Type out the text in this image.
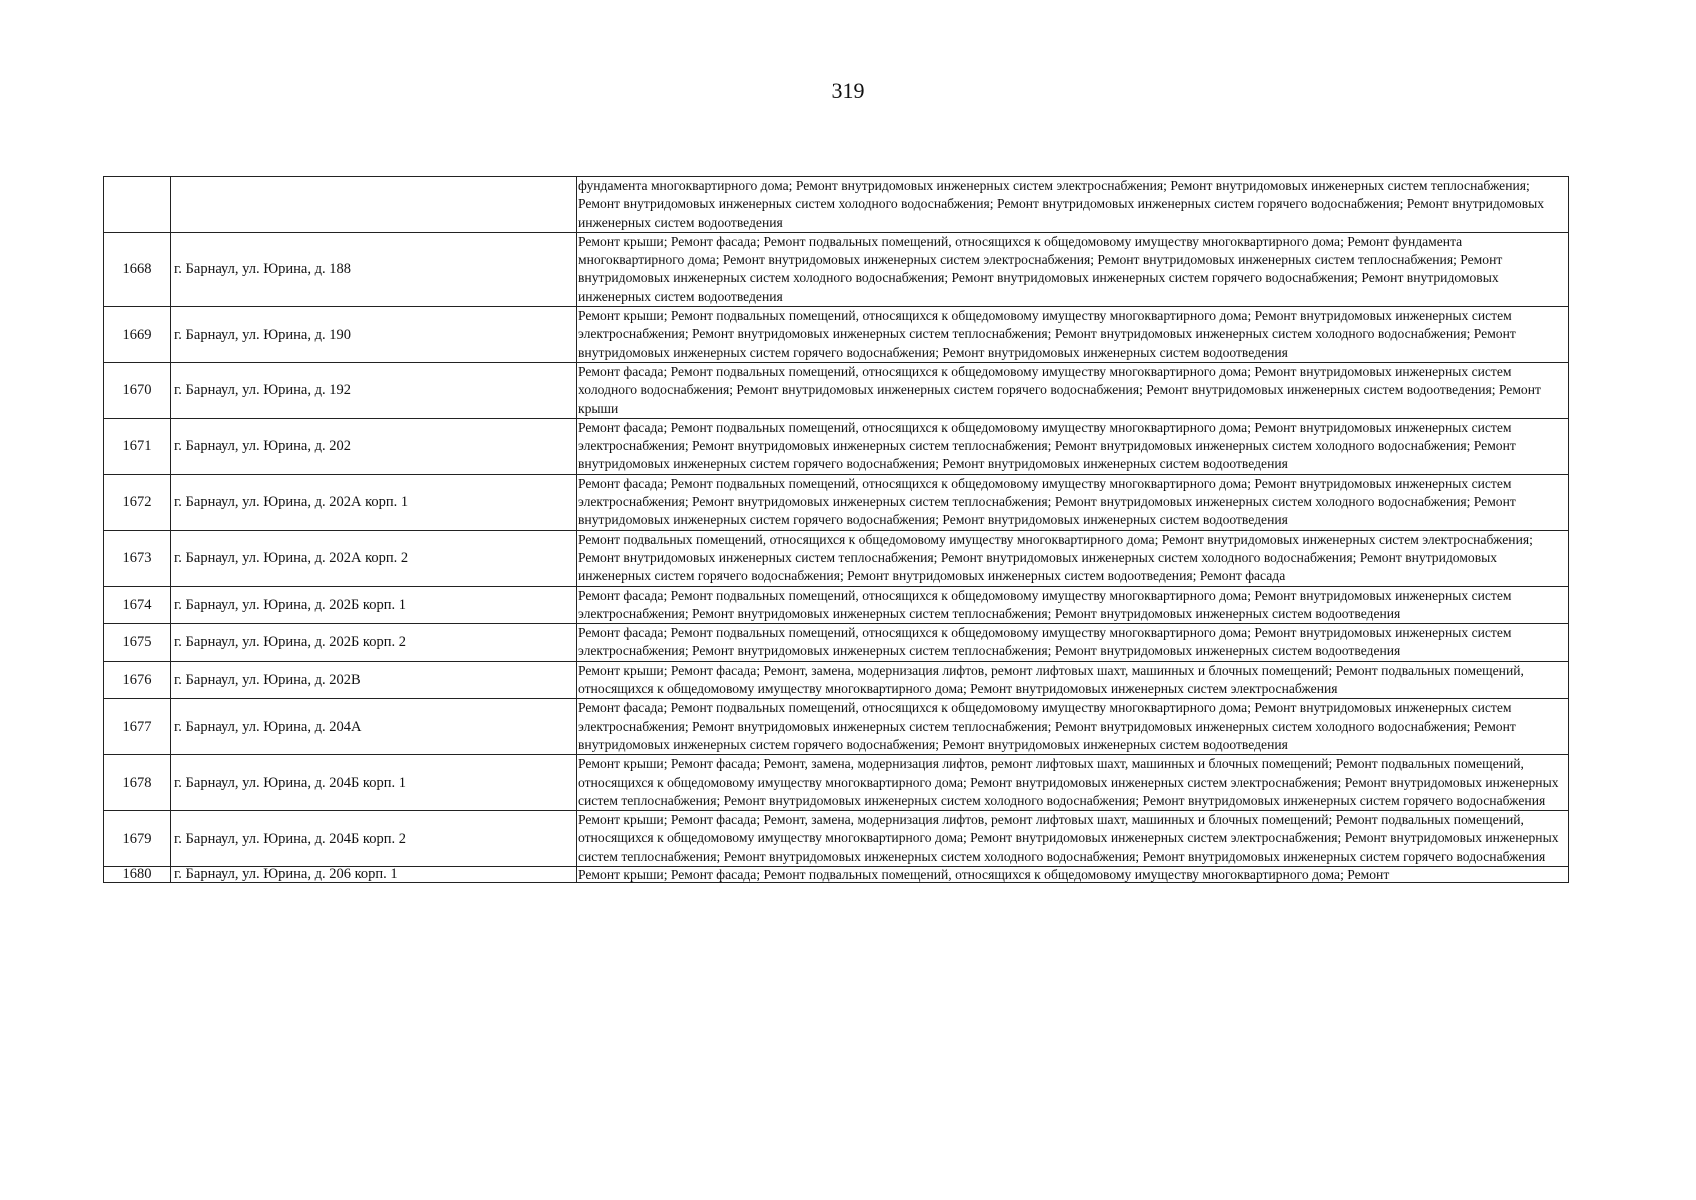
319
		фундамента многоквартирного дома; Ремонт внутридомовых инженерных систем электроснабжения; Ремонт внутридомовых инженерных систем теплоснабжения; Ремонт внутридомовых инженерных систем холодного водоснабжения; Ремонт внутридомовых инженерных систем горячего водоснабжения; Ремонт внутридомовых инженерных систем водоотведения
1668	г. Барнаул, ул. Юрина, д. 188	Ремонт крыши; Ремонт фасада; Ремонт подвальных помещений, относящихся к общедомовому имуществу многоквартирного дома; Ремонт фундамента многоквартирного дома; Ремонт внутридомовых инженерных систем электроснабжения; Ремонт внутридомовых инженерных систем теплоснабжения; Ремонт внутридомовых инженерных систем холодного водоснабжения; Ремонт внутридомовых инженерных систем горячего водоснабжения; Ремонт внутридомовых инженерных систем водоотведения
1669	г. Барнаул, ул. Юрина, д. 190	Ремонт крыши; Ремонт подвальных помещений, относящихся к общедомовому имуществу многоквартирного дома; Ремонт внутридомовых инженерных систем электроснабжения; Ремонт внутридомовых инженерных систем теплоснабжения; Ремонт внутридомовых инженерных систем холодного водоснабжения; Ремонт внутридомовых инженерных систем горячего водоснабжения; Ремонт внутридомовых инженерных систем водоотведения
1670	г. Барнаул, ул. Юрина, д. 192	Ремонт фасада; Ремонт подвальных помещений, относящихся к общедомовому имуществу многоквартирного дома; Ремонт внутридомовых инженерных систем холодного водоснабжения; Ремонт внутридомовых инженерных систем горячего водоснабжения; Ремонт внутридомовых инженерных систем водоотведения; Ремонт крыши
1671	г. Барнаул, ул. Юрина, д. 202	Ремонт фасада; Ремонт подвальных помещений, относящихся к общедомовому имуществу многоквартирного дома; Ремонт внутридомовых инженерных систем электроснабжения; Ремонт внутридомовых инженерных систем теплоснабжения; Ремонт внутридомовых инженерных систем холодного водоснабжения; Ремонт внутридомовых инженерных систем горячего водоснабжения; Ремонт внутридомовых инженерных систем водоотведения
1672	г. Барнаул, ул. Юрина, д. 202А корп. 1	Ремонт фасада; Ремонт подвальных помещений, относящихся к общедомовому имуществу многоквартирного дома; Ремонт внутридомовых инженерных систем электроснабжения; Ремонт внутридомовых инженерных систем теплоснабжения; Ремонт внутридомовых инженерных систем холодного водоснабжения; Ремонт внутридомовых инженерных систем горячего водоснабжения; Ремонт внутридомовых инженерных систем водоотведения
1673	г. Барнаул, ул. Юрина, д. 202А корп. 2	Ремонт подвальных помещений, относящихся к общедомовому имуществу многоквартирного дома; Ремонт внутридомовых инженерных систем электроснабжения; Ремонт внутридомовых инженерных систем теплоснабжения; Ремонт внутридомовых инженерных систем холодного водоснабжения; Ремонт внутридомовых инженерных систем горячего водоснабжения; Ремонт внутридомовых инженерных систем водоотведения; Ремонт фасада
1674	г. Барнаул, ул. Юрина, д. 202Б корп. 1	Ремонт фасада; Ремонт подвальных помещений, относящихся к общедомовому имуществу многоквартирного дома; Ремонт внутридомовых инженерных систем электроснабжения; Ремонт внутридомовых инженерных систем теплоснабжения; Ремонт внутридомовых инженерных систем водоотведения
1675	г. Барнаул, ул. Юрина, д. 202Б корп. 2	Ремонт фасада; Ремонт подвальных помещений, относящихся к общедомовому имуществу многоквартирного дома; Ремонт внутридомовых инженерных систем электроснабжения; Ремонт внутридомовых инженерных систем теплоснабжения; Ремонт внутридомовых инженерных систем водоотведения
1676	г. Барнаул, ул. Юрина, д. 202В	Ремонт крыши; Ремонт фасада; Ремонт, замена, модернизация лифтов, ремонт лифтовых шахт, машинных и блочных помещений; Ремонт подвальных помещений, относящихся к общедомовому имуществу многоквартирного дома; Ремонт внутридомовых инженерных систем электроснабжения
1677	г. Барнаул, ул. Юрина, д. 204А	Ремонт фасада; Ремонт подвальных помещений, относящихся к общедомовому имуществу многоквартирного дома; Ремонт внутридомовых инженерных систем электроснабжения; Ремонт внутридомовых инженерных систем теплоснабжения; Ремонт внутридомовых инженерных систем холодного водоснабжения; Ремонт внутридомовых инженерных систем горячего водоснабжения; Ремонт внутридомовых инженерных систем водоотведения
1678	г. Барнаул, ул. Юрина, д. 204Б корп. 1	Ремонт крыши; Ремонт фасада; Ремонт, замена, модернизация лифтов, ремонт лифтовых шахт, машинных и блочных помещений; Ремонт подвальных помещений, относящихся к общедомовому имуществу многоквартирного дома; Ремонт внутридомовых инженерных систем электроснабжения; Ремонт внутридомовых инженерных систем теплоснабжения; Ремонт внутридомовых инженерных систем холодного водоснабжения; Ремонт внутридомовых инженерных систем горячего водоснабжения
1679	г. Барнаул, ул. Юрина, д. 204Б корп. 2	Ремонт крыши; Ремонт фасада; Ремонт, замена, модернизация лифтов, ремонт лифтовых шахт, машинных и блочных помещений; Ремонт подвальных помещений, относящихся к общедомовому имуществу многоквартирного дома; Ремонт внутридомовых инженерных систем электроснабжения; Ремонт внутридомовых инженерных систем теплоснабжения; Ремонт внутридомовых инженерных систем холодного водоснабжения; Ремонт внутридомовых инженерных систем горячего водоснабжения
1680	г. Барнаул, ул. Юрина, д. 206 корп. 1	Ремонт крыши; Ремонт фасада; Ремонт подвальных помещений, относящихся к общедомовому имуществу многоквартирного дома; Ремонт
